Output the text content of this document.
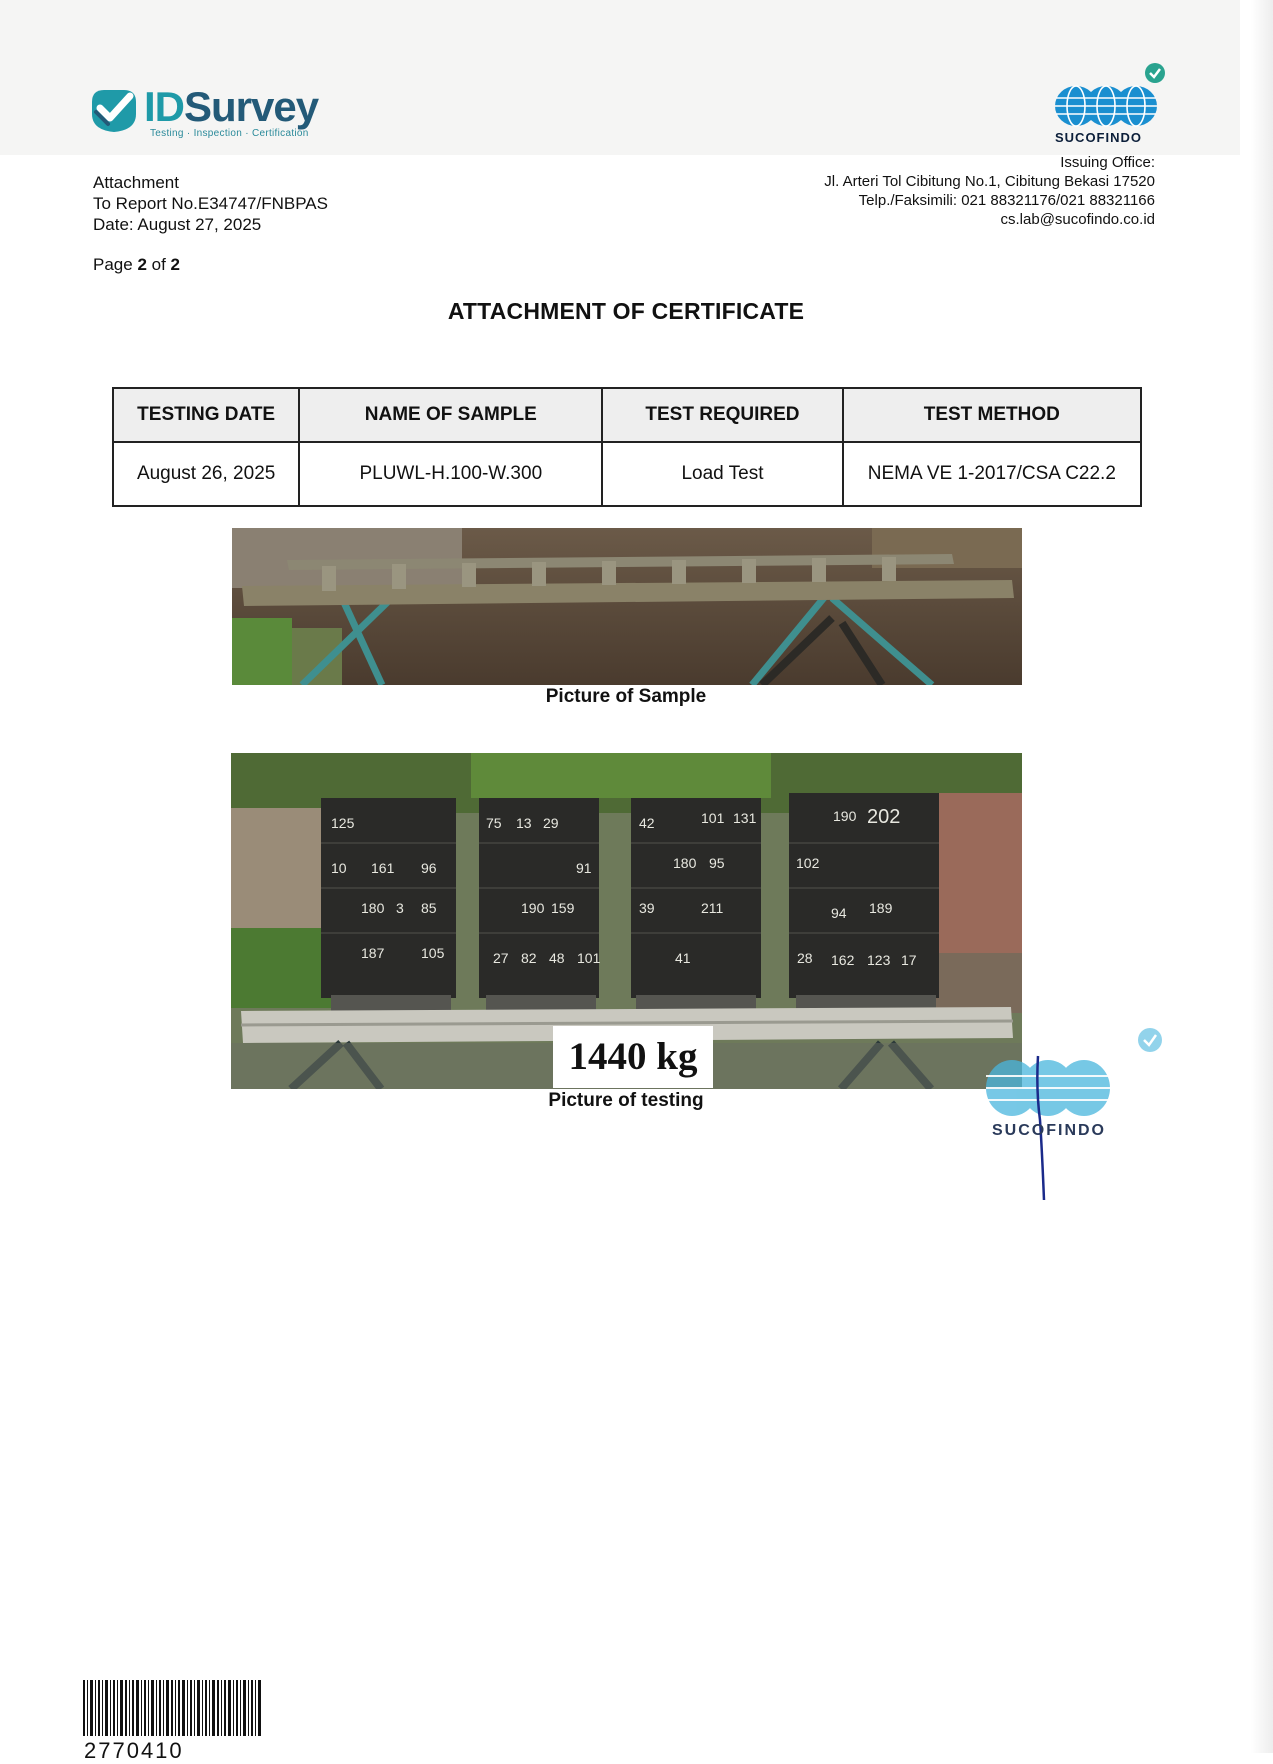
IDSurvey
Testing · Inspection · Certification	SUCOFINDO
Attachment
To Report No.E34747/FNBPAS
Date: August 27, 2025
Page 2 of 2
Issuing Office:
Jl. Arteri Tol Cibitung No.1, Cibitung Bekasi 17520
Telp./Faksimili: 021 88321176/021 88321166
cs.lab@sucofindo.co.id
ATTACHMENT OF CERTIFICATE
TESTING DATE	NAME OF SAMPLE	TEST REQUIRED	TEST METHOD
August 26, 2025	PLUWL-H.100-W.300	Load Test	NEMA VE 1-2017/CSA C22.2
Picture of Sample
125
10 161 96
180 3 85
187	105
75 13 29
91
190 159
27 82 48 101
42	101 131
180 95
39	211
41
190 202
102
94 189
28 162 123 17
1440 kg
Picture of testing
SUCOFINDO
2770410
